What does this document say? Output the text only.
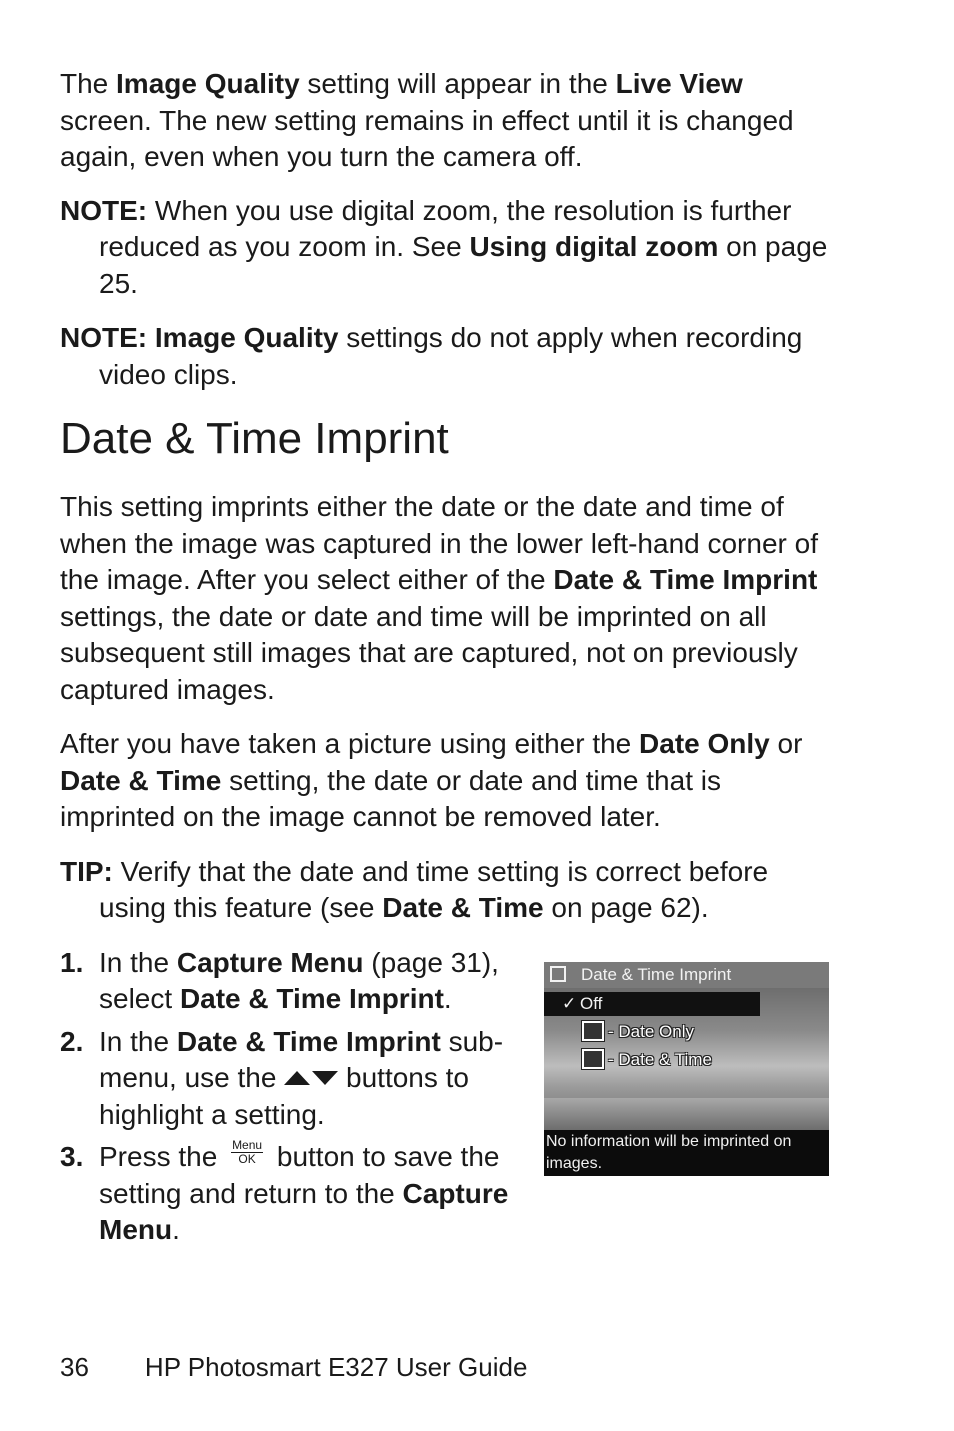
The Image Quality setting will appear in the Live View screen. The new setting remains in effect until it is changed again, even when you turn the camera off.

NOTE: When you use digital zoom, the resolution is further reduced as you zoom in. See Using digital zoom on page 25.

NOTE: Image Quality settings do not apply when recording video clips.

Date & Time Imprint

This setting imprints either the date or the date and time of when the image was captured in the lower left-hand corner of the image. After you select either of the Date & Time Imprint settings, the date or date and time will be imprinted on all subsequent still images that are captured, not on previously captured images.

After you have taken a picture using either the Date Only or Date & Time setting, the date or date and time that is imprinted on the image cannot be removed later.

TIP: Verify that the date and time setting is correct before using this feature (see Date & Time on page 62).

1. In the Capture Menu (page 31), select Date & Time Imprint.
2. In the Date & Time Imprint sub-menu, use the  buttons to highlight a setting.
3. Press the Menu
OK button to save the setting and return to the Capture Menu.
Date & Time Imprint
✓ Off
- Date Only
- Date & Time
No information will be imprinted on images.
36 HP Photosmart E327 User Guide
